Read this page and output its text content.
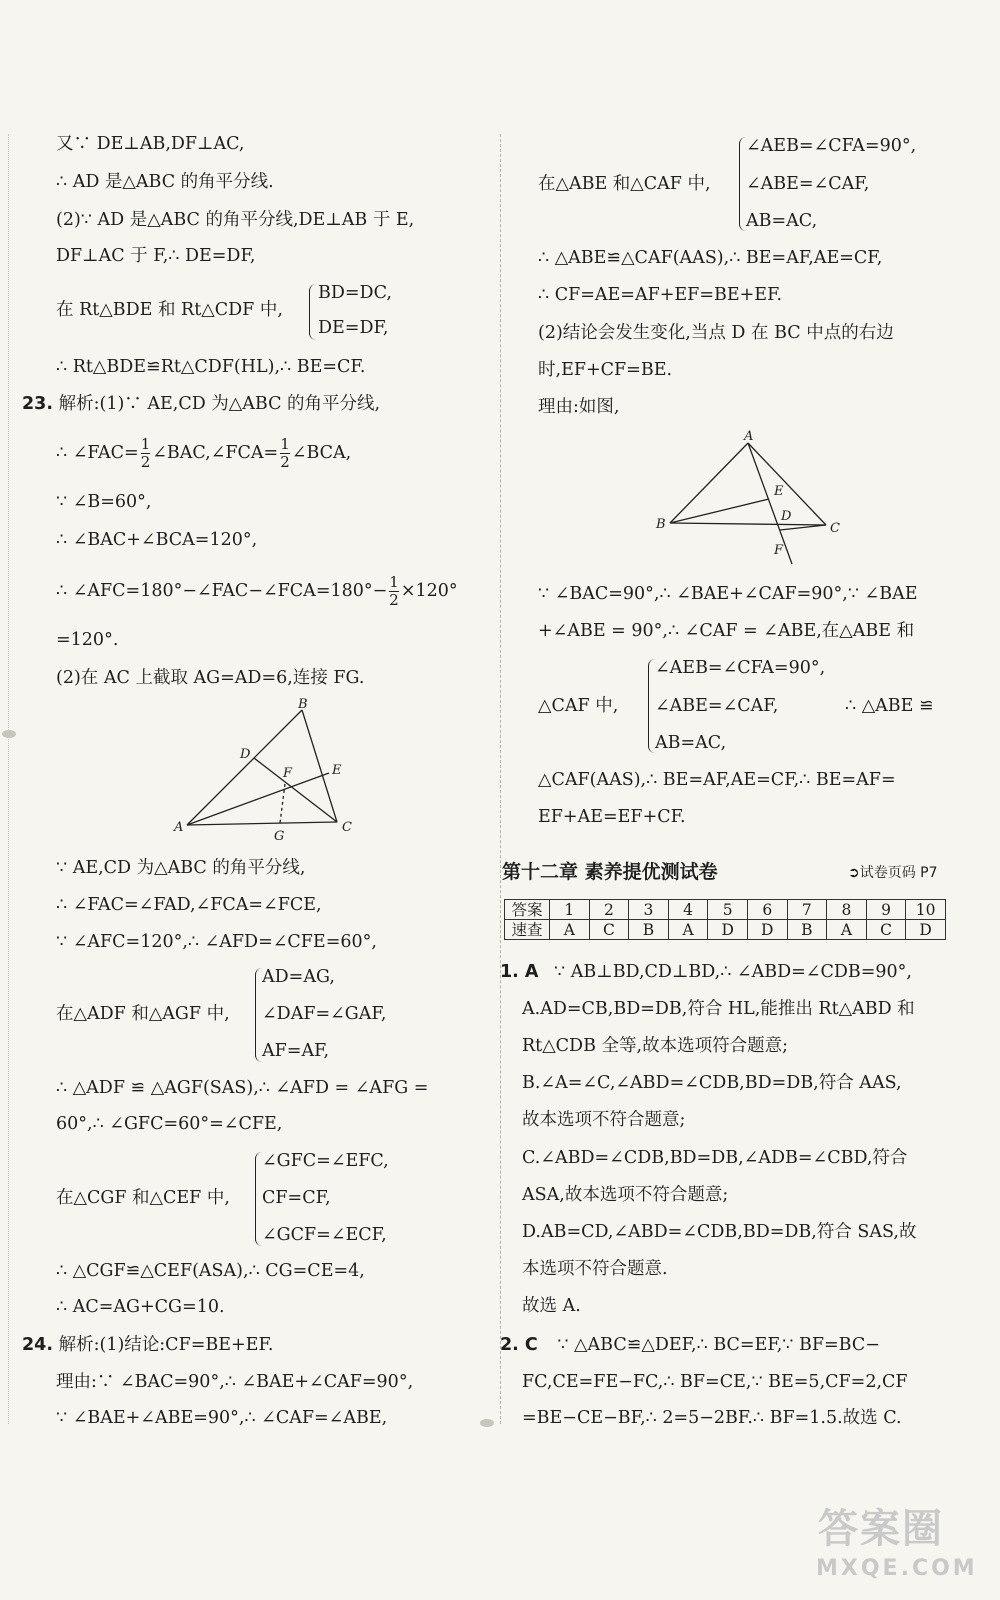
又∵ DE⊥AB,DF⊥AC,
∴ AD 是△ABC 的角平分线.
(2)∵ AD 是△ABC 的角平分线,DE⊥AB 于 E,
DF⊥AC 于 F,∴ DE=DF,
在 Rt△BDE 和 Rt△CDF 中,
BD=DC,
DE=DF,
∴ Rt△BDE≌Rt△CDF(HL),∴ BE=CF.
23. 解析:(1)∵ AE,CD 为△ABC 的角平分线,
∴ ∠FAC= $\frac{1}{2}$ ∠BAC,∠FCA= $\frac{1}{2}$ ∠BCA,
∵ ∠B=60°,
∴ ∠BAC+∠BCA=120°,
∴ ∠AFC=180°−∠FAC−∠FCA=180°− $\frac{1}{2} \times 120^\circ$
=120°.
(2)在 AC 上截取 AG=AD=6,连接 FG.
B
D
F	E
A
G
C
∵ AE,CD 为△ABC 的角平分线,
∴ ∠FAC=∠FAD,∠FCA=∠FCE,
∵ ∠AFC=120°,∴ ∠AFD=∠CFE=60°,
在△ADF 和△AGF 中,
AD=AG,
∠DAF=∠GAF,
AF=AF,
∴ △ADF ≌ △AGF(SAS),∴ ∠AFD = ∠AFG =
60°,∴ ∠GFC=60°=∠CFE,
在△CGF 和△CEF 中,
∠GFC=∠EFC,
CF=CF,
∠GCF=∠ECF,
∴ △CGF≌△CEF(ASA),∴ CG=CE=4,
∴ AC=AG+CG=10.
24. 解析:(1)结论:CF=BE+EF.
理由:∵ ∠BAC=90°,∴ ∠BAE+∠CAF=90°,
∵ ∠BAE+∠ABE=90°,∴ ∠CAF=∠ABE,
在△ABE 和△CAF 中,
∠AEB=∠CFA=90°,
∠ABE=∠CAF,
AB=AC,
∴ △ABE≌△CAF(AAS),∴ BE=AF,AE=CF,
∴ CF=AE=AF+EF=BE+EF.
(2)结论会发生变化,当点 D 在 BC 中点的右边
时,EF+CF=BE.
理由:如图,
A
E
D
B	C
F
∵ ∠BAC=90°,∴ ∠BAE+∠CAF=90°,∵ ∠BAE
+∠ABE = 90°,∴ ∠CAF = ∠ABE,在△ABE 和
△CAF 中,
∠AEB=∠CFA=90°,
∠ABE=∠CAF,
AB=AC,
∴ △ABE ≌
△CAF(AAS),∴ BE=AF,AE=CF,∴ BE=AF=
EF+AE=EF+CF.
第十二章 素养提优测试卷	➲试卷页码 P7
答案	1	2	3	4	5	6	7	8	9	10
速查	A	C	B	A	D	D	B	A	C	D
1. A ∵ AB⊥BD,CD⊥BD,∴ ∠ABD=∠CDB=90°,
A.AD=CB,BD=DB,符合 HL,能推出 Rt△ABD 和
Rt△CDB 全等,故本选项符合题意;
B.∠A=∠C,∠ABD=∠CDB,BD=DB,符合 AAS,
故本选项不符合题意;
C.∠ABD=∠CDB,BD=DB,∠ADB=∠CBD,符合
ASA,故本选项不符合题意;
D.AB=CD,∠ABD=∠CDB,BD=DB,符合 SAS,故
本选项不符合题意.
故选 A.
2. C ∵ △ABC≌△DEF,∴ BC=EF,∵ BF=BC−
FC,CE=FE−FC,∴ BF=CE,∵ BE=5,CF=2,CF
=BE−CE−BF,∴ 2=5−2BF.∴ BF=1.5.故选 C.
答案圈
MXQE.COM
